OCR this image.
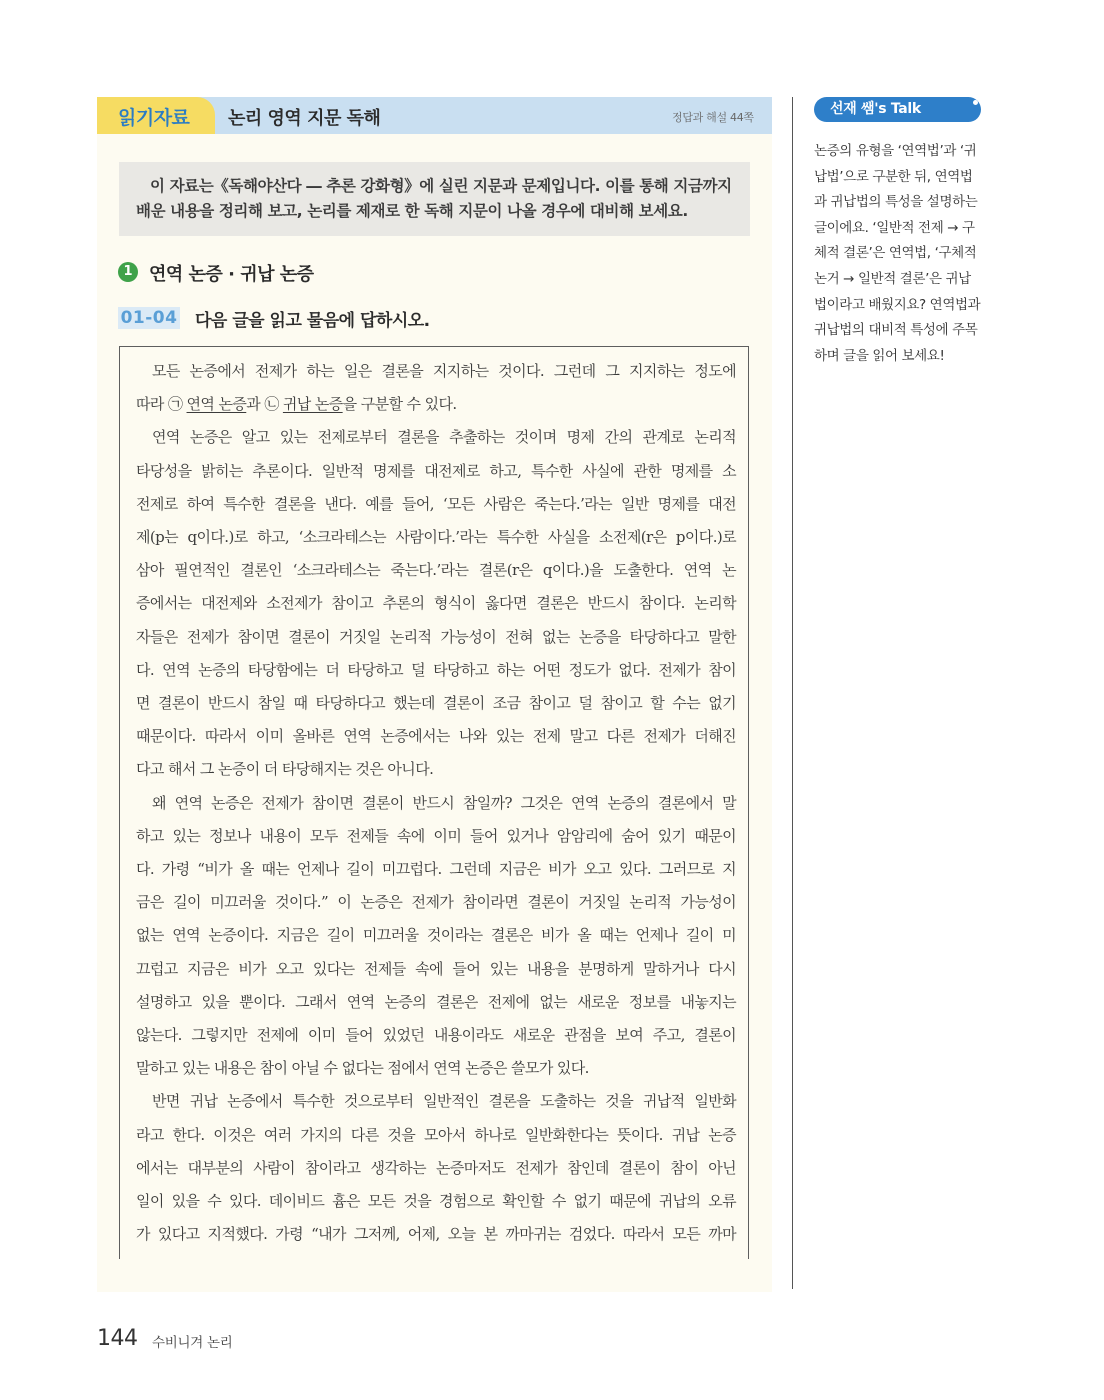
읽기자료 논리 영역 지문 독해	정답과 해설 44쪽
이 자료는《독해야산다 ― 추론 강화형》에 실린 지문과 문제입니다. 이를 통해 지금까지
배운 내용을 정리해 보고, 논리를 제재로 한 독해 지문이 나올 경우에 대비해 보세요.
1 연역 논증 · 귀납 논증
01-04 다음 글을 읽고 물음에 답하시오.
모든 논증에서 전제가 하는 일은 결론을 지지하는 것이다. 그런데 그 지지하는 정도에
따라 ㉠ 연역 논증과 ㉡ 귀납 논증을 구분할 수 있다.
연역 논증은 알고 있는 전제로부터 결론을 추출하는 것이며 명제 간의 관계로 논리적
타당성을 밝히는 추론이다. 일반적 명제를 대전제로 하고, 특수한 사실에 관한 명제를 소
전제로 하여 특수한 결론을 낸다. 예를 들어, ‘모든 사람은 죽는다.’라는 일반 명제를 대전
제(p는 q이다.)로 하고, ‘소크라테스는 사람이다.’라는 특수한 사실을 소전제(r은 p이다.)로
삼아 필연적인 결론인 ‘소크라테스는 죽는다.’라는 결론(r은 q이다.)을 도출한다. 연역 논
증에서는 대전제와 소전제가 참이고 추론의 형식이 옳다면 결론은 반드시 참이다. 논리학
자들은 전제가 참이면 결론이 거짓일 논리적 가능성이 전혀 없는 논증을 타당하다고 말한
다. 연역 논증의 타당함에는 더 타당하고 덜 타당하고 하는 어떤 정도가 없다. 전제가 참이
면 결론이 반드시 참일 때 타당하다고 했는데 결론이 조금 참이고 덜 참이고 할 수는 없기
때문이다. 따라서 이미 올바른 연역 논증에서는 나와 있는 전제 말고 다른 전제가 더해진
다고 해서 그 논증이 더 타당해지는 것은 아니다.
왜 연역 논증은 전제가 참이면 결론이 반드시 참일까? 그것은 연역 논증의 결론에서 말
하고 있는 정보나 내용이 모두 전제들 속에 이미 들어 있거나 암암리에 숨어 있기 때문이
다. 가령 “비가 올 때는 언제나 길이 미끄럽다. 그런데 지금은 비가 오고 있다. 그러므로 지
금은 길이 미끄러울 것이다.” 이 논증은 전제가 참이라면 결론이 거짓일 논리적 가능성이
없는 연역 논증이다. 지금은 길이 미끄러울 것이라는 결론은 비가 올 때는 언제나 길이 미
끄럽고 지금은 비가 오고 있다는 전제들 속에 들어 있는 내용을 분명하게 말하거나 다시
설명하고 있을 뿐이다. 그래서 연역 논증의 결론은 전제에 없는 새로운 정보를 내놓지는
않는다. 그렇지만 전제에 이미 들어 있었던 내용이라도 새로운 관점을 보여 주고, 결론이
말하고 있는 내용은 참이 아닐 수 없다는 점에서 연역 논증은 쓸모가 있다.
반면 귀납 논증에서 특수한 것으로부터 일반적인 결론을 도출하는 것을 귀납적 일반화
라고 한다. 이것은 여러 가지의 다른 것을 모아서 하나로 일반화한다는 뜻이다. 귀납 논증
에서는 대부분의 사람이 참이라고 생각하는 논증마저도 전제가 참인데 결론이 참이 아닌
일이 있을 수 있다. 데이비드 흄은 모든 것을 경험으로 확인할 수 없기 때문에 귀납의 오류
가 있다고 지적했다. 가령 “내가 그저께, 어제, 오늘 본 까마귀는 검었다. 따라서 모든 까마
선재 쌤's Talk
논증의 유형을 ‘연역법’과 ‘귀
납법’으로 구분한 뒤, 연역법
과 귀납법의 특성을 설명하는
글이에요. ‘일반적 전제 → 구
체적 결론’은 연역법, ‘구체적
논거 → 일반적 결론’은 귀납
법이라고 배웠지요? 연역법과
귀납법의 대비적 특성에 주목
하며 글을 읽어 보세요!
144 수비니겨 논리
